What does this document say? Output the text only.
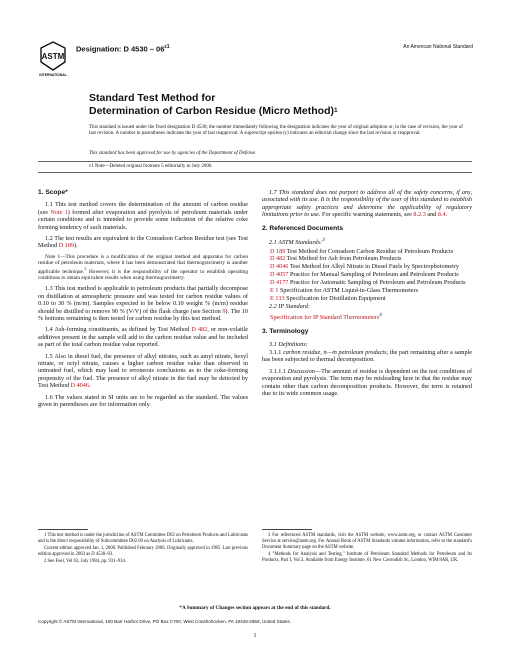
ASTM
INTERNATIONAL
Designation: D $4530 - 06^{\varepsilon 1}$	An American National Standard
Standard Test Method for
Determination of Carbon Residue (Micro Method)$^1$
This standard is issued under the fixed designation D 4530; the number immediately following the designation indicates the year of original adoption or, in the case of revision, the year of last revision. A number in parentheses indicates the year of last reapproval. A superscript epsilon (ε) indicates an editorial change since the last revision or reapproval.
This standard has been approved for use by agencies of the Department of Defense.
ε1 Note—Deleted original footnote 5 editorially in July 2006.
1. Scope*

1.1 This test method covers the determination of the amount of carbon residue (see Note 1) formed after evaporation and pyrolysis of petroleum materials under certain conditions and is intended to provide some indication of the relative coke forming tendency of such materials.

1.2 The test results are equivalent to the Conradson Carbon Residue test (see Test Method D 189).

Note 1—This procedure is a modification of the original method and apparatus for carbon residue of petroleum materials, where it has been demonstrated that thermogravimetry is another applicable technique.$^2$ However, it is the responsibility of the operator to establish operating conditions to obtain equivalent results when using thermogravimetry.

1.3 This test method is applicable to petroleum products that partially decompose on distillation at atmospheric pressure and was tested for carbon residue values of 0.10 to 30 % (m/m). Samples expected to be below 0.10 weight % (m/m) residue should be distilled to remove 90 % (V/V) of the flask charge (see Section 9). The 10 % bottoms remaining is then tested for carbon residue by this test method.

1.4 Ash-forming constituents, as defined by Test Method D 482, or non-volatile additives present in the sample will add to the carbon residue value and be included as part of the total carbon residue value reported.

1.5 Also in diesel fuel, the presence of alkyl nitrates, such as amyl nitrate, hexyl nitrate, or octyl nitrate, causes a higher carbon residue value than observed in untreated fuel, which may lead to erroneous conclusions as to the coke-forming propensity of the fuel. The presence of alkyl nitrate in the fuel may be detected by Test Method D 4046.

1.6 The values stated in SI units are to be regarded as the standard. The values given in parentheses are for information only.

1.7 This standard does not purport to address all of the safety concerns, if any, associated with its use. It is the responsibility of the user of this standard to establish appropriate safety practices and determine the applicability of regulatory limitations prior to use. For specific warning statements, see 8.2.3 and 8.4.

2. Referenced Documents

2.1 ASTM Standards:$^3$

D 189 Test Method for Conradson Carbon Residue of Petroleum Products
D 482 Test Method for Ash from Petroleum Products
D 4046 Test Method for Alkyl Nitrate in Diesel Fuels by Spectrophotometry
D 4057 Practice for Manual Sampling of Petroleum and Petroleum Products
D 4177 Practice for Automatic Sampling of Petroleum and Petroleum Products
E 1 Specification for ASTM Liquid-in-Glass Thermometers
E 133 Specification for Distillation Equipment

2.2 IP Standard:

Specification for IP Standard Thermometers$^4$
3. Terminology

3.1 Definitions:

3.1.1 carbon residue, n—in petroleum products, the part remaining after a sample has been subjected to thermal decomposition.

3.1.1.1 Discussion—The amount of residue is dependent on the test conditions of evaporation and pyrolysis. The term may be misleading here in that the residue may contain other than carbon decomposition products. However, the term is retained due to its wide common usage.

1 This test method is under the jurisdiction of ASTM Committee D02 on Petroleum Products and Lubricants and is the direct responsibility of Subcommittee D02.06 on Analysis of Lubricants.

Current edition approved Jan. 1, 2006. Published February 2006. Originally approved in 1985. Last previous edition approved in 2003 as D 4530–03.

2 See Fuel, Vol 63, July 1984, pp. 931–934.

3 For referenced ASTM standards, visit the ASTM website, www.astm.org, or contact ASTM Customer Service at service@astm.org. For Annual Book of ASTM Standards volume information, refer to the standard's Document Summary page on the ASTM website.

4 "Methods for Analysis and Testing," Institute of Petroleum Standard Methods for Petroleum and Its Products, Part I, Vol 2. Available from Energy Institute, 61 New Cavendish St., London, WIM 8AR, UK.

*A Summary of Changes section appears at the end of this standard.
Copyright © ASTM International, 100 Barr Harbor Drive, PO Box C700, West Conshohocken, PA 19428-2959, United States.
1
